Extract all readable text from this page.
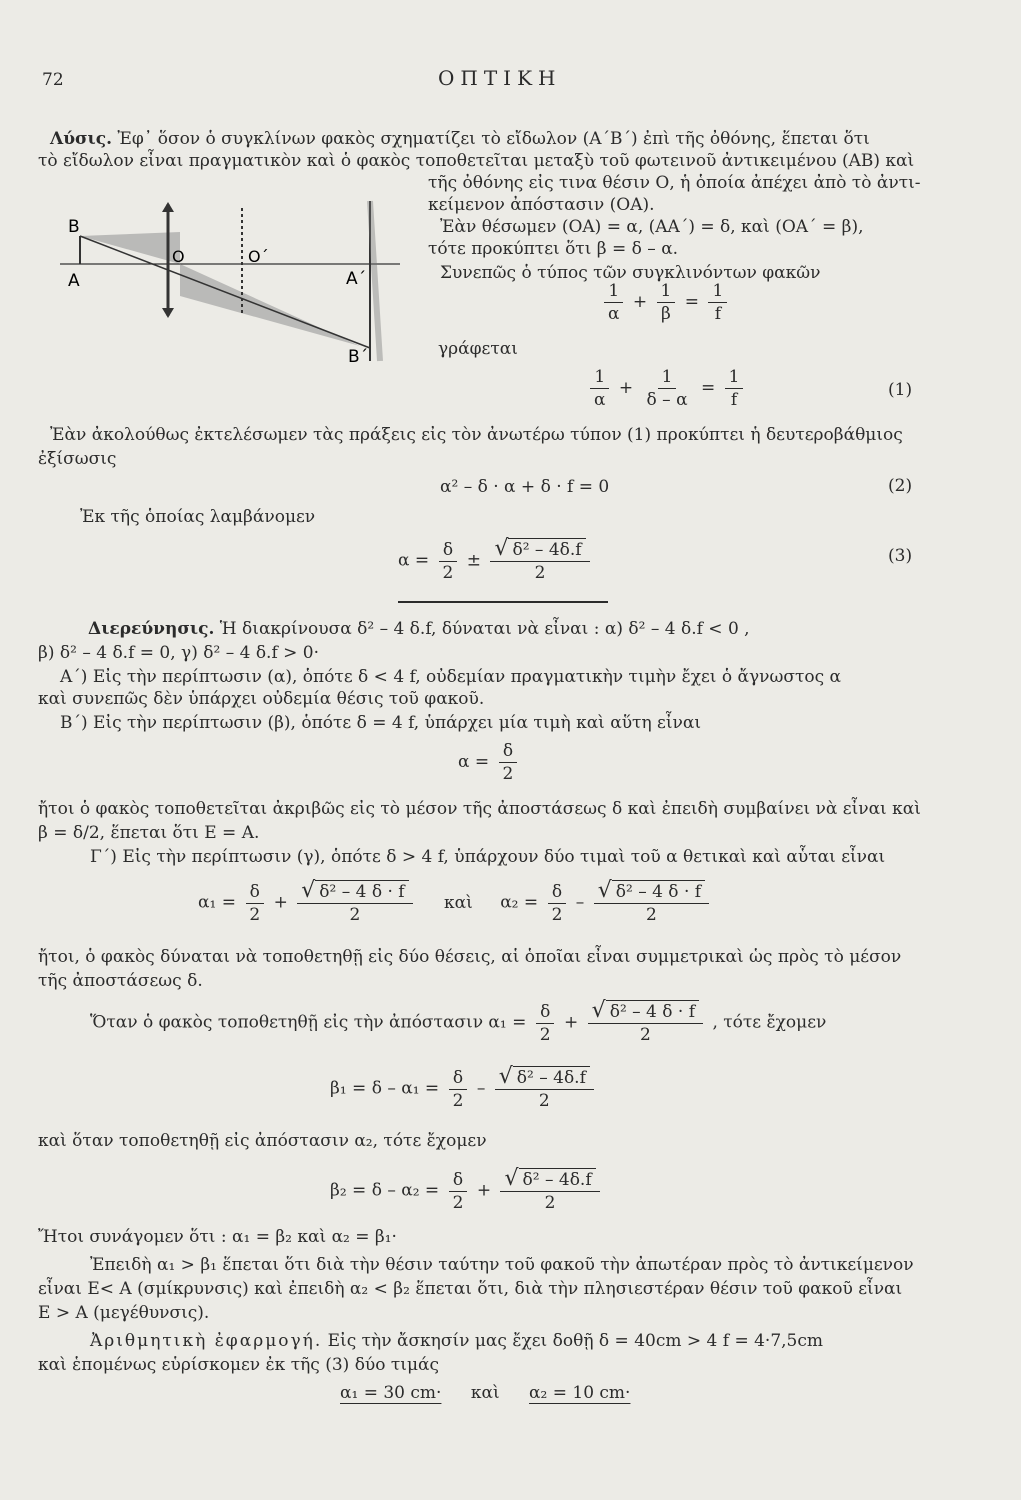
72	ΟΠΤΙΚΗ
B
A
O	O΄
A΄
B΄
Λύσις. Ἐφ᾿ ὅσον ὁ συγκλίνων φακὸς σχηματίζει τὸ εἴδωλον (Α΄Β΄) ἐπὶ τῆς ὀθόνης, ἕπεται ὅτι
τὸ εἴδωλον εἶναι πραγματικὸν καὶ ὁ φακὸς τοποθετεῖται μεταξὺ τοῦ φωτεινοῦ ἀντικειμένου (ΑΒ) καὶ
τῆς ὀθόνης εἰς τινα θέσιν Ο, ἡ ὁποία ἀπέχει ἀπὸ τὸ ἀντι-
κείμενον ἀπόστασιν (ΟΑ).
Ἐὰν θέσωμεν (ΟΑ) = α, (ΑΑ΄) = δ, καὶ (ΟΑ΄ = β),
τότε προκύπτει ὅτι β = δ – α.
Συνεπῶς ὁ τύπος τῶν συγκλινόντων φακῶν
$\frac{1}{\alpha} + \frac{1}{\beta} = \frac{1}{f}$
γράφεται
$\frac{1}{\alpha} + \frac{1}{\delta - \alpha} = \frac{1}{f}$	(1)
Ἐὰν ἀκολούθως ἐκτελέσωμεν τὰς πράξεις εἰς τὸν ἀνωτέρω τύπον (1) προκύπτει ἡ δευτεροβάθμιος
ἐξίσωσις
α² – δ · α + δ · f = 0	(2)
Ἐκ τῆς ὁποίας λαμβάνομεν
$\alpha = \frac{\delta}{2} \pm \frac{\text{√ δ² – 4δ.f}}{2}$	(3)
Διερεύνησις. Ἡ διακρίνουσα δ² – 4 δ.f, δύναται νὰ εἶναι : α) δ² – 4 δ.f < 0 ,
β) δ² – 4 δ.f = 0, γ) δ² – 4 δ.f > 0·
Α΄) Εἰς τὴν περίπτωσιν (α), ὁπότε δ < 4 f, οὐδεμίαν πραγματικὴν τιμὴν ἔχει ὁ ἄγνωστος α
καὶ συνεπῶς δὲν ὑπάρχει οὐδεμία θέσις τοῦ φακοῦ.
Β΄) Εἰς τὴν περίπτωσιν (β), ὁπότε δ = 4 f, ὑπάρχει μία τιμὴ καὶ αὕτη εἶναι
$\alpha = \frac{\delta}{2}$
ἤτοι ὁ φακὸς τοποθετεῖται ἀκριβῶς εἰς τὸ μέσον τῆς ἀποστάσεως δ καὶ ἐπειδὴ συμβαίνει νὰ εἶναι καὶ
β = δ/2, ἕπεται ὅτι Ε = Α.
Γ΄) Εἰς τὴν περίπτωσιν (γ), ὁπότε δ > 4 f, ὑπάρχουν δύο τιμαὶ τοῦ α θετικαὶ καὶ αὗται εἶναι
$\alpha_1 = \frac{\delta}{2} + \frac{\text{√ δ² – 4 δ · f}}{2}$ καὶ $\alpha_2 = \frac{\delta}{2} - \frac{\text{√ δ² – 4 δ · f}}{2}$
ἤτοι, ὁ φακὸς δύναται νὰ τοποθετηθῇ εἰς δύο θέσεις, αἱ ὁποῖαι εἶναι συμμετρικαὶ ὡς πρὸς τὸ μέσον
τῆς ἀποστάσεως δ.
Ὅταν ὁ φακὸς τοποθετηθῇ εἰς τὴν ἀπόστασιν $\alpha_1 = \frac{\delta}{2} + \frac{\text{√ δ² – 4 δ · f}}{2}$ , τότε ἔχομεν
$\beta_1 = \delta - \alpha_1 = \frac{\delta}{2} - \frac{\text{√ δ² – 4δ.f}}{2}$
καὶ ὅταν τοποθετηθῇ εἰς ἀπόστασιν α₂, τότε ἔχομεν
$\beta_2 = \delta - \alpha_2 = \frac{\delta}{2} + \frac{\text{√ δ² – 4δ.f}}{2}$
Ἤτοι συνάγομεν ὅτι : α₁ = β₂ καὶ α₂ = β₁·
Ἐπειδὴ α₁ > β₁ ἕπεται ὅτι διὰ τὴν θέσιν ταύτην τοῦ φακοῦ τὴν ἀπωτέραν πρὸς τὸ ἀντικείμενον
εἶναι Ε< Α (σμίκρυνσις) καὶ ἐπειδὴ α₂ < β₂ ἕπεται ὅτι, διὰ τὴν πλησιεστέραν θέσιν τοῦ φακοῦ εἶναι
Ε > Α (μεγέθυνσις).
Ἀριθμητικὴ ἐφαρμογή. Εἰς τὴν ἄσκησίν μας ἔχει δοθῇ δ = 40cm > 4 f = 4·7,5cm
καὶ ἑπομένως εὑρίσκομεν ἐκ τῆς (3) δύο τιμάς
α₁ = 30 cm· καὶ α₂ = 10 cm·
